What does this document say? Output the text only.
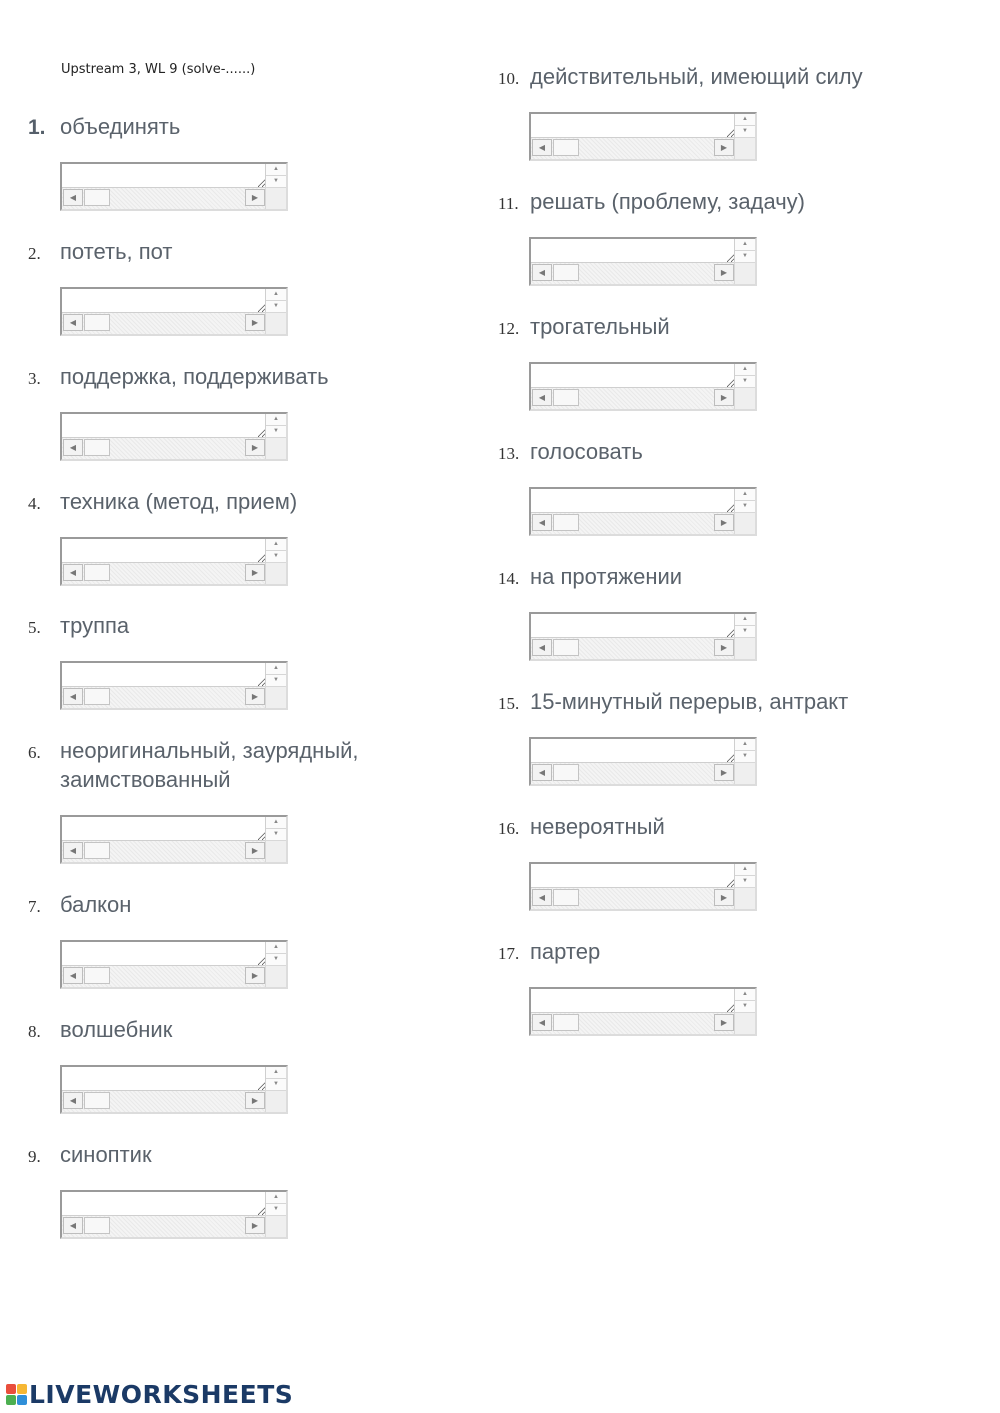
Upstream 3, WL 9 (solve-......)
1. объединять
2. потеть, пот
3. поддержка, поддерживать
4. техника (метод, прием)
5. труппа
6. неоригинальный, заурядный, заимствованный
7. балкон
8. волшебник
9. синоптик
10. действительный, имеющий силу
11. решать (проблему, задачу)
12. трогательный
13. голосовать
14. на протяжении
15. 15-минутный перерыв, антракт
16. невероятный
17. партер
▲
▼
◀	▶
▲
▼
◀	▶
▲
▼
◀	▶
▲
▼
◀	▶
▲
▼
◀	▶
▲
▼
◀	▶
▲
▼
◀	▶
▲
▼
◀	▶
▲
▼
◀	▶
▲
▼
◀	▶
▲
▼
◀	▶
▲
▼
◀	▶
▲
▼
◀	▶
▲
▼
◀	▶
▲
▼
◀	▶
▲
▼
◀	▶
▲
▼
◀	▶
LIVEWORKSHEETS
